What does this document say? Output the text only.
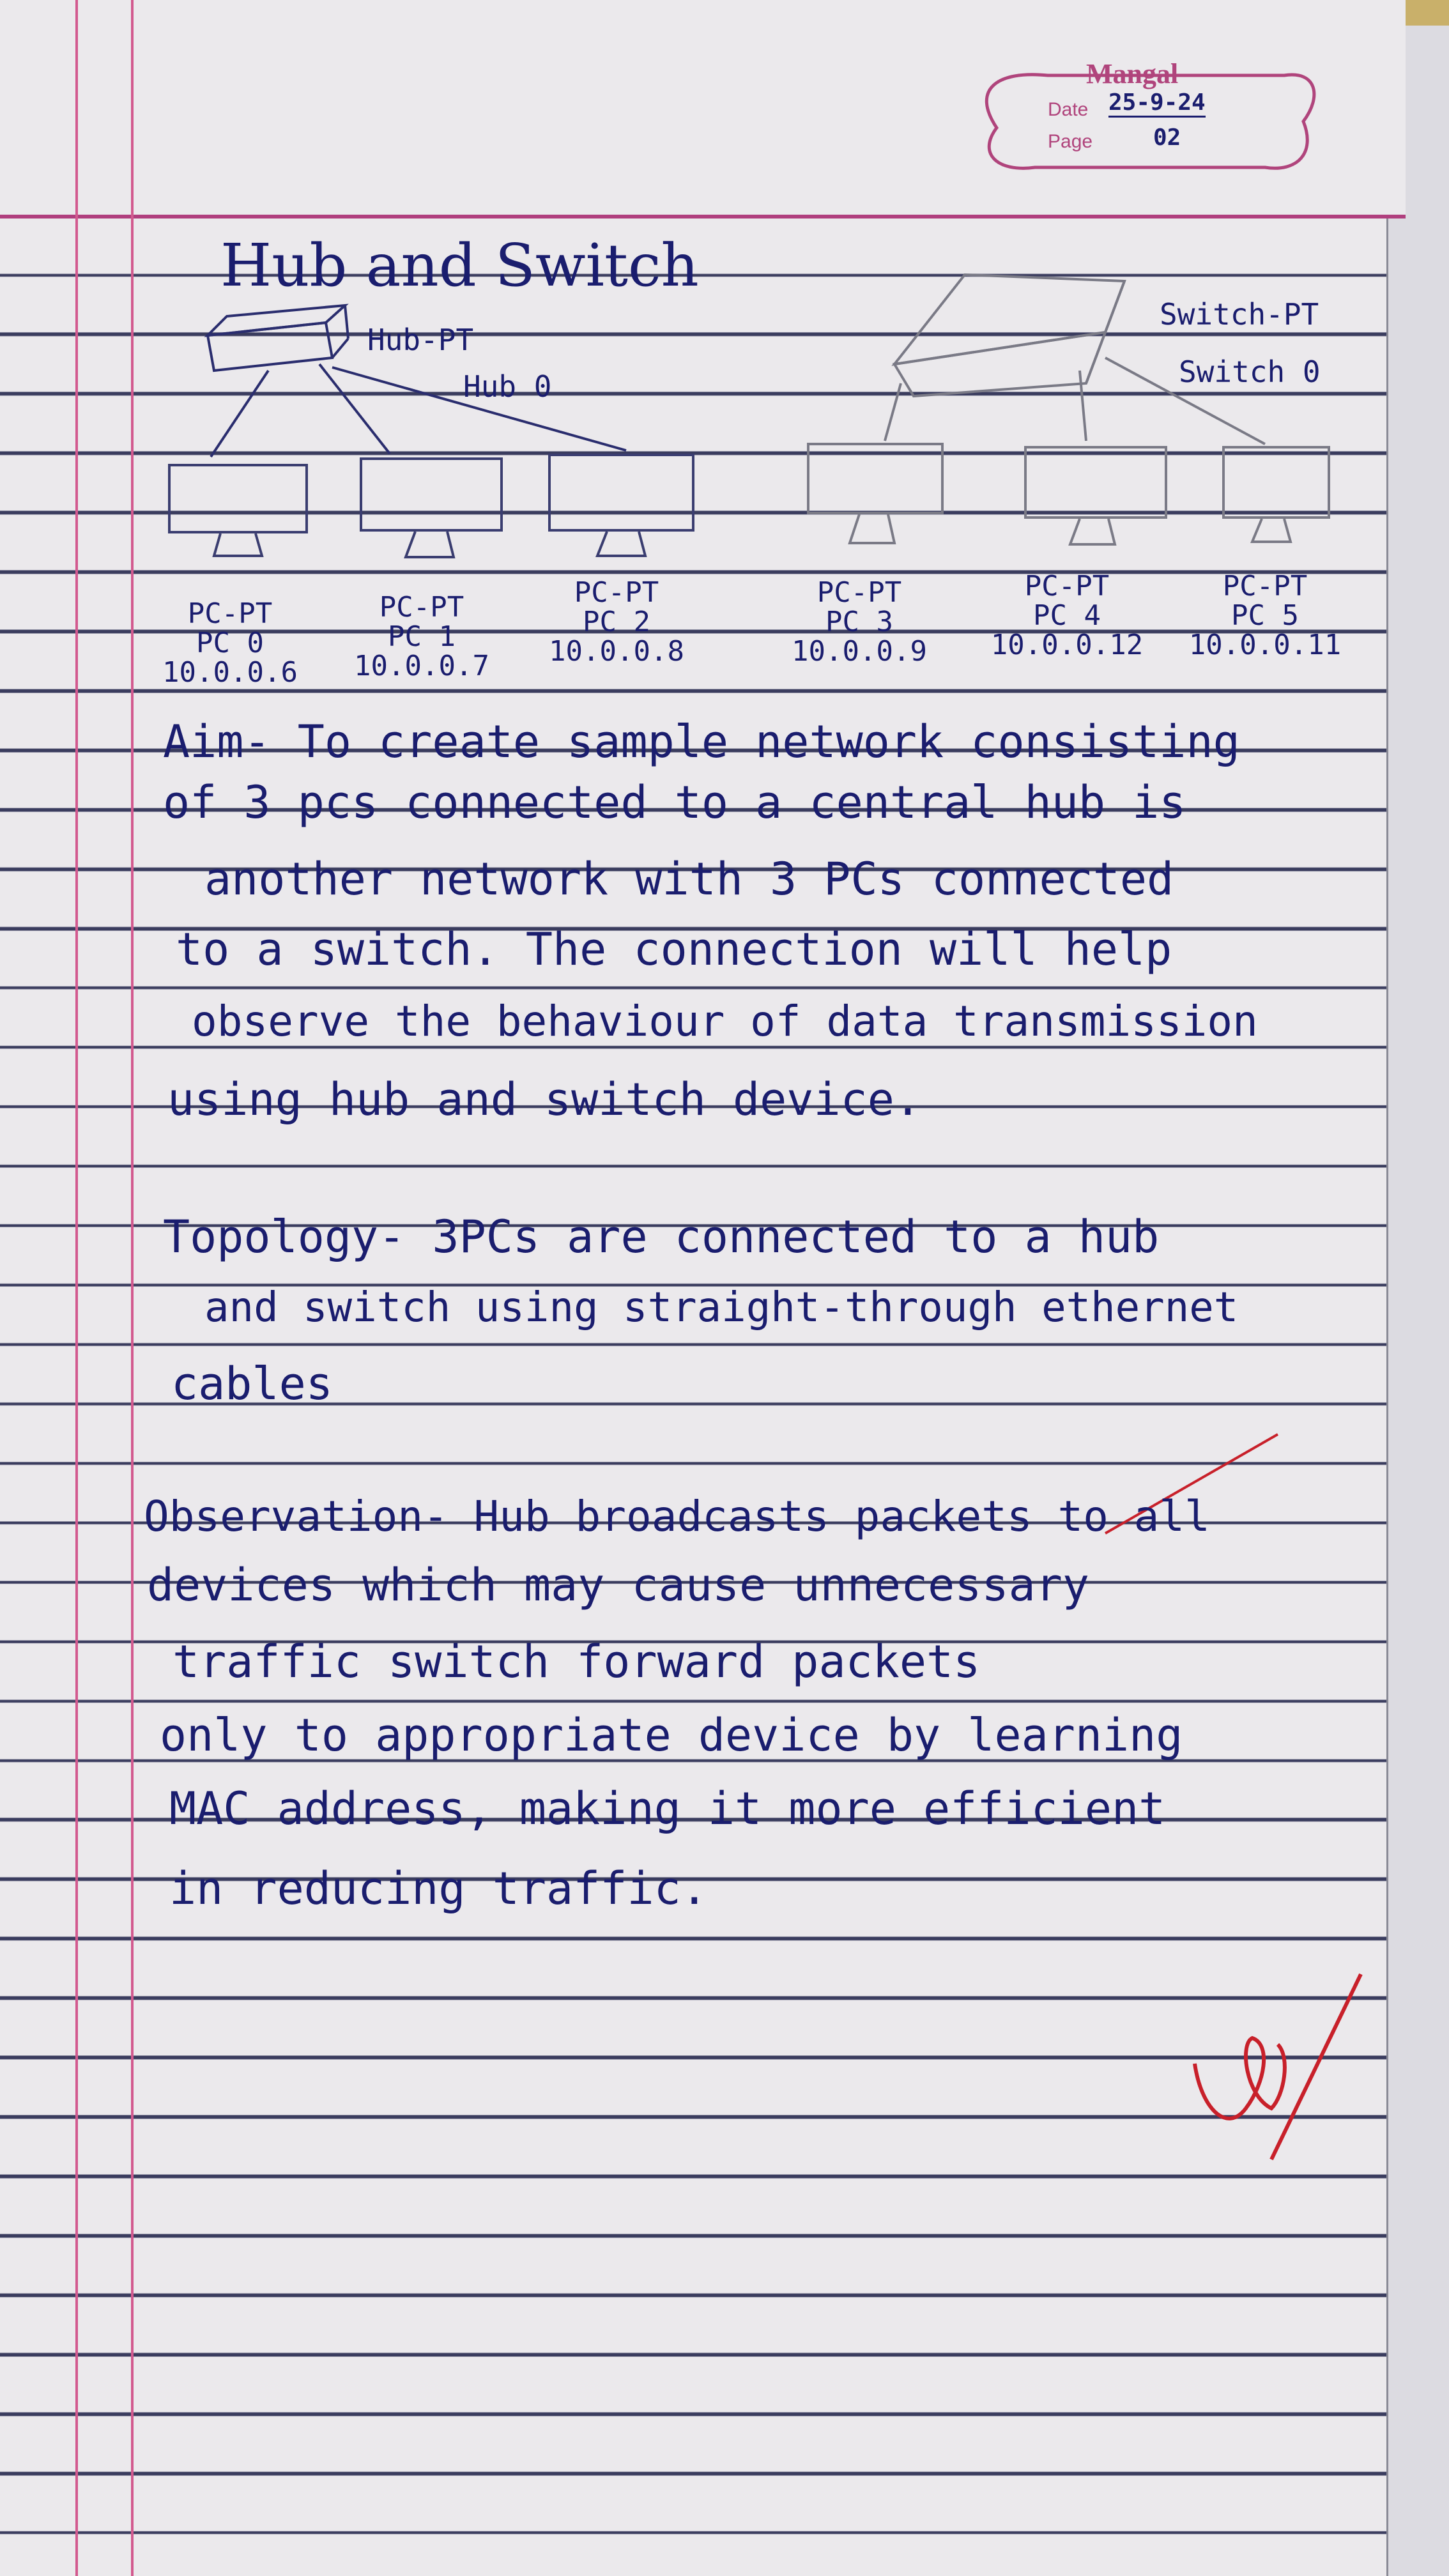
Mangal
Date 25-9-24
Page	02
Hub and Switch
Hub-PT
Hub 0
Switch-PT
Switch 0
PC-PT
PC 0
10.0.0.6
PC-PT
PC 1
10.0.0.7
PC-PT
PC 2
10.0.0.8
PC-PT
PC 3
10.0.0.9
PC-PT
PC 4
10.0.0.12
PC-PT
PC 5
10.0.0.11
Aim- To create sample network consisting
of 3 pcs connected to a central hub is
another network with 3 PCs connected
to a switch. The connection will help
observe the behaviour of data transmission
using hub and switch device.
Topology- 3PCs are connected to a hub
and switch using straight-through ethernet
cables
Observation- Hub broadcasts packets to all
devices which may cause unnecessary
traffic switch forward packets
only to appropriate device by learning
MAC address, making it more efficient
in reducing traffic.
